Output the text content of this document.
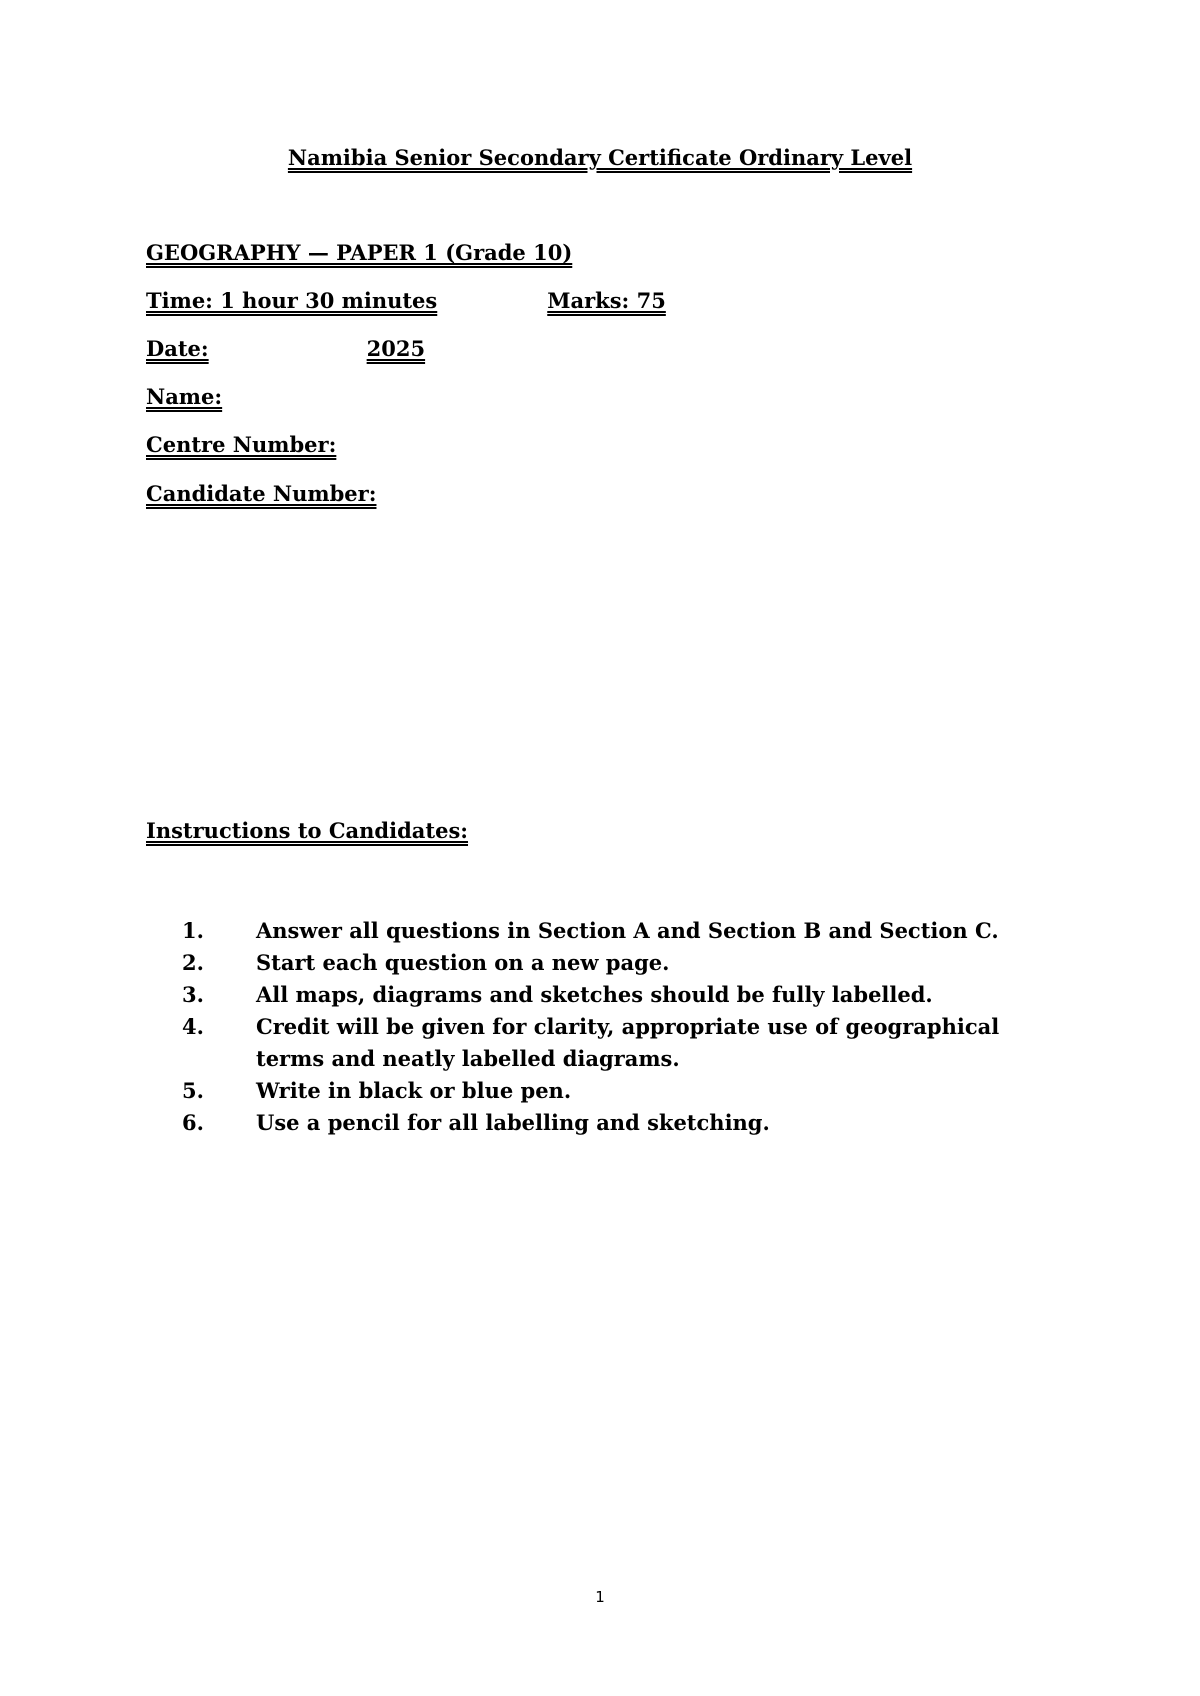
Namibia Senior Secondary Certificate Ordinary Level
GEOGRAPHY — PAPER 1 (Grade 10)
Time: 1 hour 30 minutes	Marks: 75
Date:	2025
Name:
Centre Number:
Candidate Number:
Instructions to Candidates:
1. Answer all questions in Section A and Section B and Section C.
2. Start each question on a new page.
3. All maps, diagrams and sketches should be fully labelled.
4. Credit will be given for clarity, appropriate use of geographical terms and neatly labelled diagrams.
5. Write in black or blue pen.
6. Use a pencil for all labelling and sketching.
1
